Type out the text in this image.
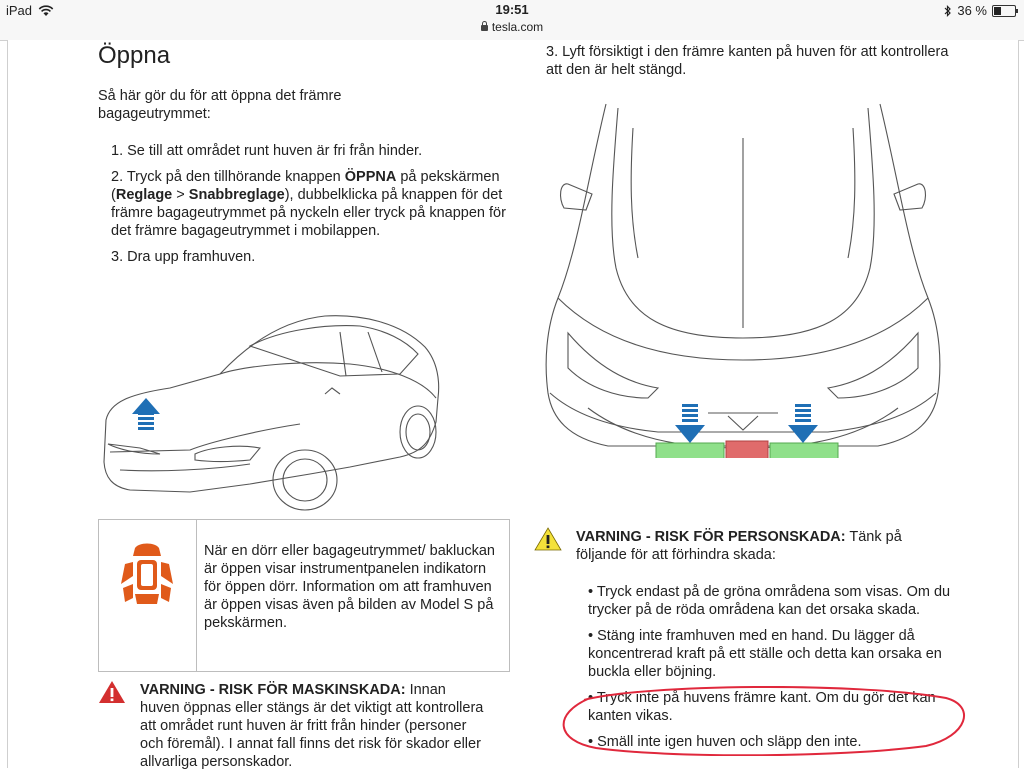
iPad	19:51
tesla.com
36 %
Öppna
Så här gör du för att öppna det främre bagageutrymmet:
1. Se till att området runt huven är fri från hinder.
2. Tryck på den tillhörande knappen ÖPPNA på pekskärmen (Reglage > Snabbreglage), dubbelklicka på knappen för det främre bagageutrymmet på nyckeln eller tryck på knappen för det främre bagageutrymmet i mobilappen.
3. Dra upp framhuven.
När en dörr eller bagageutrymmet/ bakluckan är öppen visar instrumentpanelen indikatorn för öppen dörr. Information om att framhuven är öppen visas även på bilden av Model S på pekskärmen.
VARNING - RISK FÖR MASKINSKADA: Innan huven öppnas eller stängs är det viktigt att kontrollera att området runt huven är fritt från hinder (personer och föremål). I annat fall finns det risk för skador eller allvarliga personskador.
3. Lyft försiktigt i den främre kanten på huven för att kontrollera att den är helt stängd.
VARNING - RISK FÖR PERSONSKADA: Tänk på följande för att förhindra skada:
• Tryck endast på de gröna områdena som visas. Om du trycker på de röda områdena kan det orsaka skada.
• Stäng inte framhuven med en hand. Du lägger då koncentrerad kraft på ett ställe och detta kan orsaka en buckla eller böjning.
• Tryck inte på huvens främre kant. Om du gör det kan kanten vikas.
• Smäll inte igen huven och släpp den inte.
